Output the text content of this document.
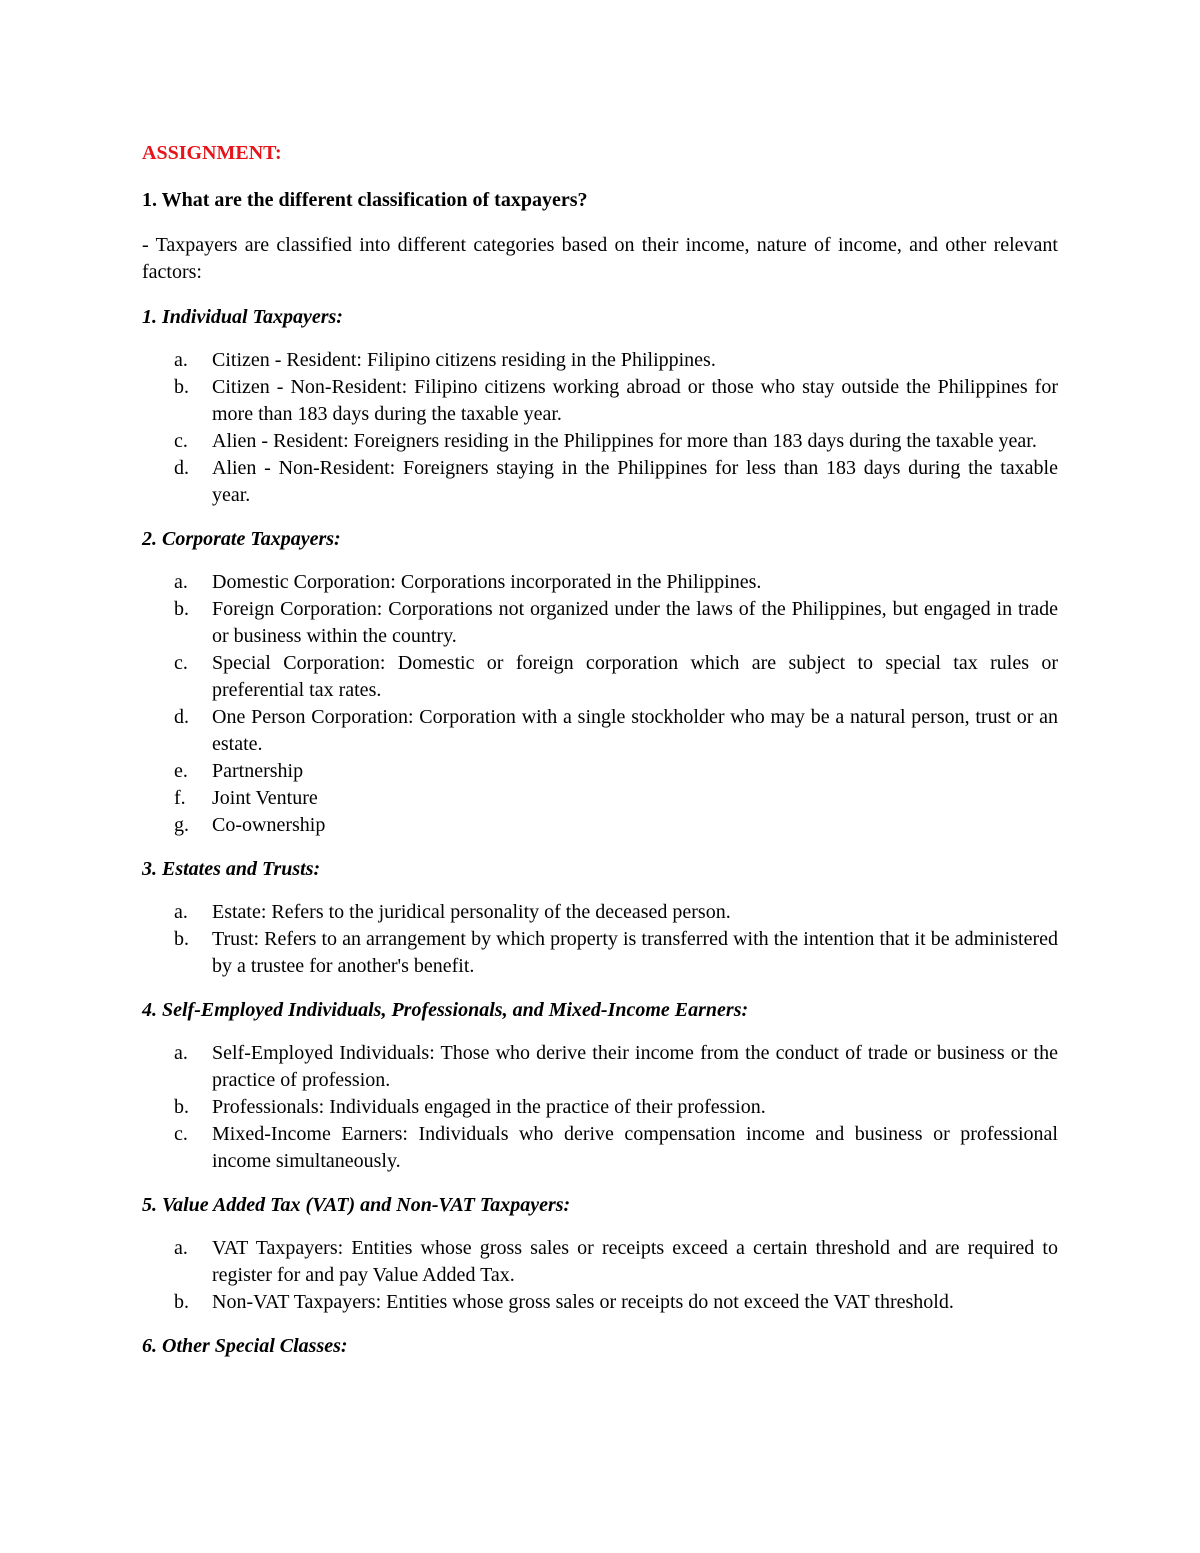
ASSIGNMENT:
1. What are the different classification of taxpayers?
- Taxpayers are classified into different categories based on their income, nature of income, and other relevant factors:
1. Individual Taxpayers:
a. Citizen - Resident: Filipino citizens residing in the Philippines.
b. Citizen - Non-Resident: Filipino citizens working abroad or those who stay outside the Philippines for more than 183 days during the taxable year.
c. Alien - Resident: Foreigners residing in the Philippines for more than 183 days during the taxable year.
d. Alien - Non-Resident: Foreigners staying in the Philippines for less than 183 days during the taxable year.
2. Corporate Taxpayers:
a. Domestic Corporation: Corporations incorporated in the Philippines.
b. Foreign Corporation: Corporations not organized under the laws of the Philippines, but engaged in trade or business within the country.
c. Special Corporation: Domestic or foreign corporation which are subject to special tax rules or preferential tax rates.
d. One Person Corporation: Corporation with a single stockholder who may be a natural person, trust or an estate.
e. Partnership
f. Joint Venture
g. Co-ownership
3. Estates and Trusts:
a. Estate: Refers to the juridical personality of the deceased person.
b. Trust: Refers to an arrangement by which property is transferred with the intention that it be administered by a trustee for another's benefit.
4. Self-Employed Individuals, Professionals, and Mixed-Income Earners:
a. Self-Employed Individuals: Those who derive their income from the conduct of trade or business or the practice of profession.
b. Professionals: Individuals engaged in the practice of their profession.
c. Mixed-Income Earners: Individuals who derive compensation income and business or professional income simultaneously.
5. Value Added Tax (VAT) and Non-VAT Taxpayers:
a. VAT Taxpayers: Entities whose gross sales or receipts exceed a certain threshold and are required to register for and pay Value Added Tax.
b. Non-VAT Taxpayers: Entities whose gross sales or receipts do not exceed the VAT threshold.
6. Other Special Classes:
